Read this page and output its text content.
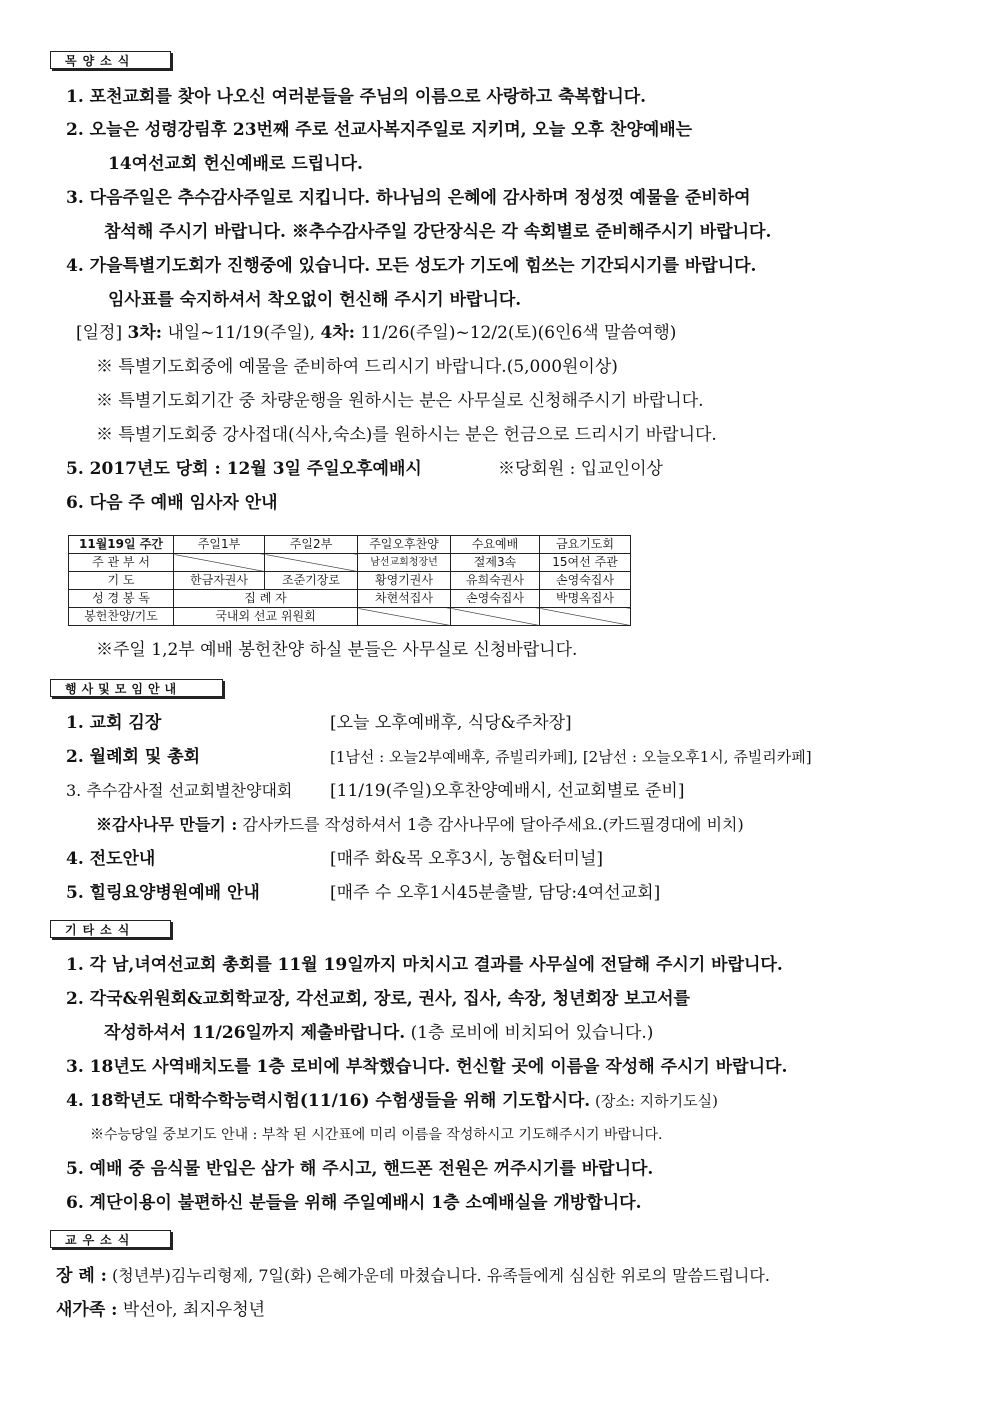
목양소식
1. 포천교회를 찾아 나오신 여러분들을 주님의 이름으로 사랑하고 축복합니다.
2. 오늘은 성령강림후 23번째 주로 선교사복지주일로 지키며, 오늘 오후 찬양예배는
14여선교회 헌신예배로 드립니다.
3. 다음주일은 추수감사주일로 지킵니다. 하나님의 은혜에 감사하며 정성껏 예물을 준비하여
참석해 주시기 바랍니다. ※추수감사주일 강단장식은 각 속회별로 준비해주시기 바랍니다.
4. 가을특별기도회가 진행중에 있습니다. 모든 성도가 기도에 힘쓰는 기간되시기를 바랍니다.
임사표를 숙지하셔서 착오없이 헌신해 주시기 바랍니다.
[일정] 3차: 내일~11/19(주일), 4차: 11/26(주일)~12/2(토)(6인6색 말씀여행)
※ 특별기도회중에 예물을 준비하여 드리시기 바랍니다.(5,000원이상)
※ 특별기도회기간 중 차량운행을 원하시는 분은 사무실로 신청해주시기 바랍니다.
※ 특별기도회중 강사접대(식사,숙소)를 원하시는 분은 헌금으로 드리시기 바랍니다.
5. 2017년도 당회 : 12월 3일 주일오후예배시	※당회원 : 입교인이상
6. 다음 주 예배 임사자 안내
11월19일 주간	주일1부	주일2부	주일오후찬양	수요예배	금요기도회
주 관 부 서			남선교회청장년	절제3속	15여선 주관
기 도	한금자권사	조준기장로	황영기권사	유희숙권사	손영숙집사
성 경 봉 독	집 례 자		차현석집사	손영숙집사	박명옥집사
봉헌찬양/기도	국내외 선교 위원회				
※주일 1,2부 예배 봉헌찬양 하실 분들은 사무실로 신청바랍니다.
행사및모임안내
1. 교회 김장	[오늘 오후예배후, 식당&주차장]
2. 월례회 및 총회	[1남선 : 오늘2부예배후, 쥬빌리카페], [2남선 : 오늘오후1시, 쥬빌리카페]
3. 추수감사절 선교회별찬양대회 [11/19(주일)오후찬양예배시, 선교회별로 준비]
※감사나무 만들기 : 감사카드를 작성하셔서 1층 감사나무에 달아주세요.(카드필경대에 비치)
4. 전도안내	[매주 화&목 오후3시, 농협&터미널]
5. 힐링요양병원예배 안내	[매주 수 오후1시45분출발, 담당:4여선교회]
기타소식
1. 각 남,녀여선교회 총회를 11월 19일까지 마치시고 결과를 사무실에 전달해 주시기 바랍니다.
2. 각국&위원회&교회학교장, 각선교회, 장로, 권사, 집사, 속장, 청년회장 보고서를
작성하셔서 11/26일까지 제출바랍니다. (1층 로비에 비치되어 있습니다.)
3. 18년도 사역배치도를 1층 로비에 부착했습니다. 헌신할 곳에 이름을 작성해 주시기 바랍니다.
4. 18학년도 대학수학능력시험(11/16) 수험생들을 위해 기도합시다. (장소: 지하기도실)
※수능당일 중보기도 안내 : 부착 된 시간표에 미리 이름을 작성하시고 기도해주시기 바랍니다.
5. 예배 중 음식물 반입은 삼가 해 주시고, 핸드폰 전원은 꺼주시기를 바랍니다.
6. 계단이용이 불편하신 분들을 위해 주일예배시 1층 소예배실을 개방합니다.
교우소식
장 례 : (청년부)김누리형제, 7일(화) 은혜가운데 마쳤습니다. 유족들에게 심심한 위로의 말씀드립니다.
새가족 : 박선아, 최지우청년
